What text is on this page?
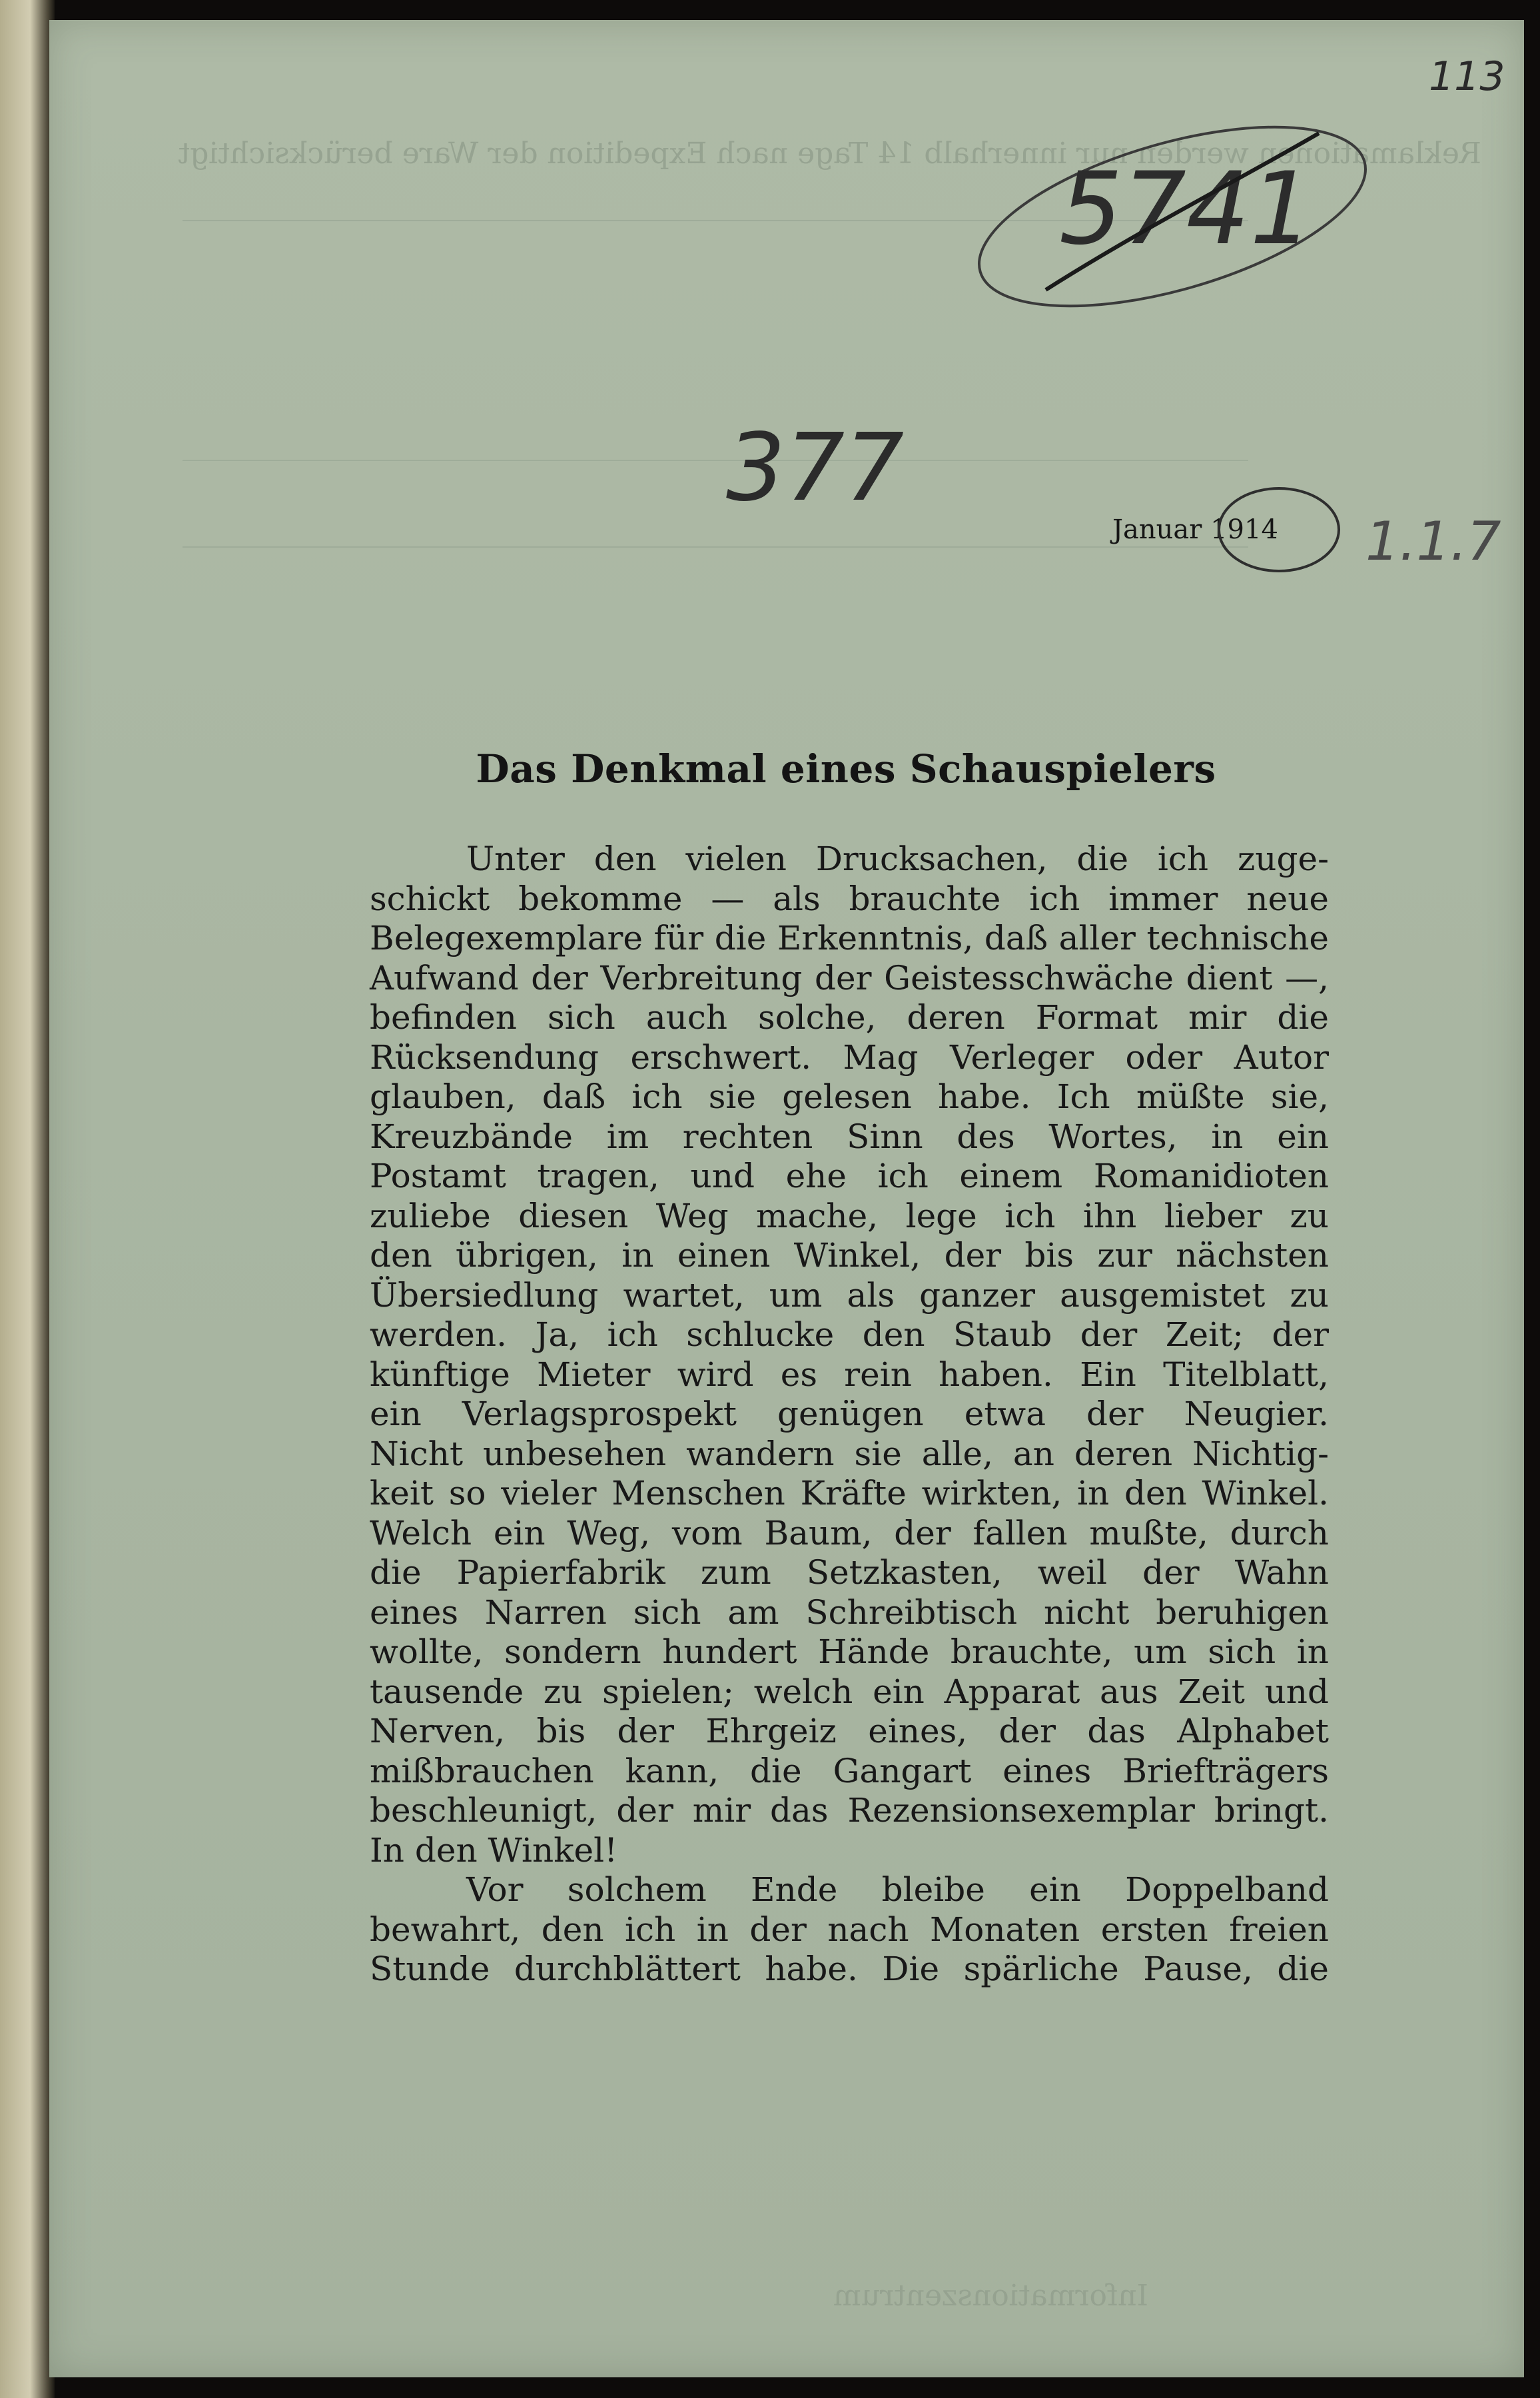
Reklamationen werden nur innerhalb 14 Tage nach Expedition der Ware berücksichtigt
Informationszentrum
113
5741
377
1.1.7
Januar 1914
Das Denkmal eines Schauspielers
Unter den vielen Drucksachen, die ich zuge-
schickt bekomme — als brauchte ich immer neue
Belegexemplare für die Erkenntnis, daß aller technische
Aufwand der Verbreitung der Geistesschwäche dient —,
befinden sich auch solche, deren Format mir die
Rücksendung erschwert. Mag Verleger oder Autor
glauben, daß ich sie gelesen habe. Ich müßte sie,
Kreuzbände im rechten Sinn des Wortes, in ein
Postamt tragen, und ehe ich einem Romanidioten
zuliebe diesen Weg mache, lege ich ihn lieber zu
den übrigen, in einen Winkel, der bis zur nächsten
Übersiedlung wartet, um als ganzer ausgemistet zu
werden. Ja, ich schlucke den Staub der Zeit; der
künftige Mieter wird es rein haben. Ein Titelblatt,
ein Verlagsprospekt genügen etwa der Neugier.
Nicht unbesehen wandern sie alle, an deren Nichtig-
keit so vieler Menschen Kräfte wirkten, in den Winkel.
Welch ein Weg, vom Baum, der fallen mußte, durch
die Papierfabrik zum Setzkasten, weil der Wahn
eines Narren sich am Schreibtisch nicht beruhigen
wollte, sondern hundert Hände brauchte, um sich in
tausende zu spielen; welch ein Apparat aus Zeit und
Nerven, bis der Ehrgeiz eines, der das Alphabet
mißbrauchen kann, die Gangart eines Briefträgers
beschleunigt, der mir das Rezensionsexemplar bringt.
In den Winkel!
Vor solchem Ende bleibe ein Doppelband
bewahrt, den ich in der nach Monaten ersten freien
Stunde durchblättert habe. Die spärliche Pause, die
